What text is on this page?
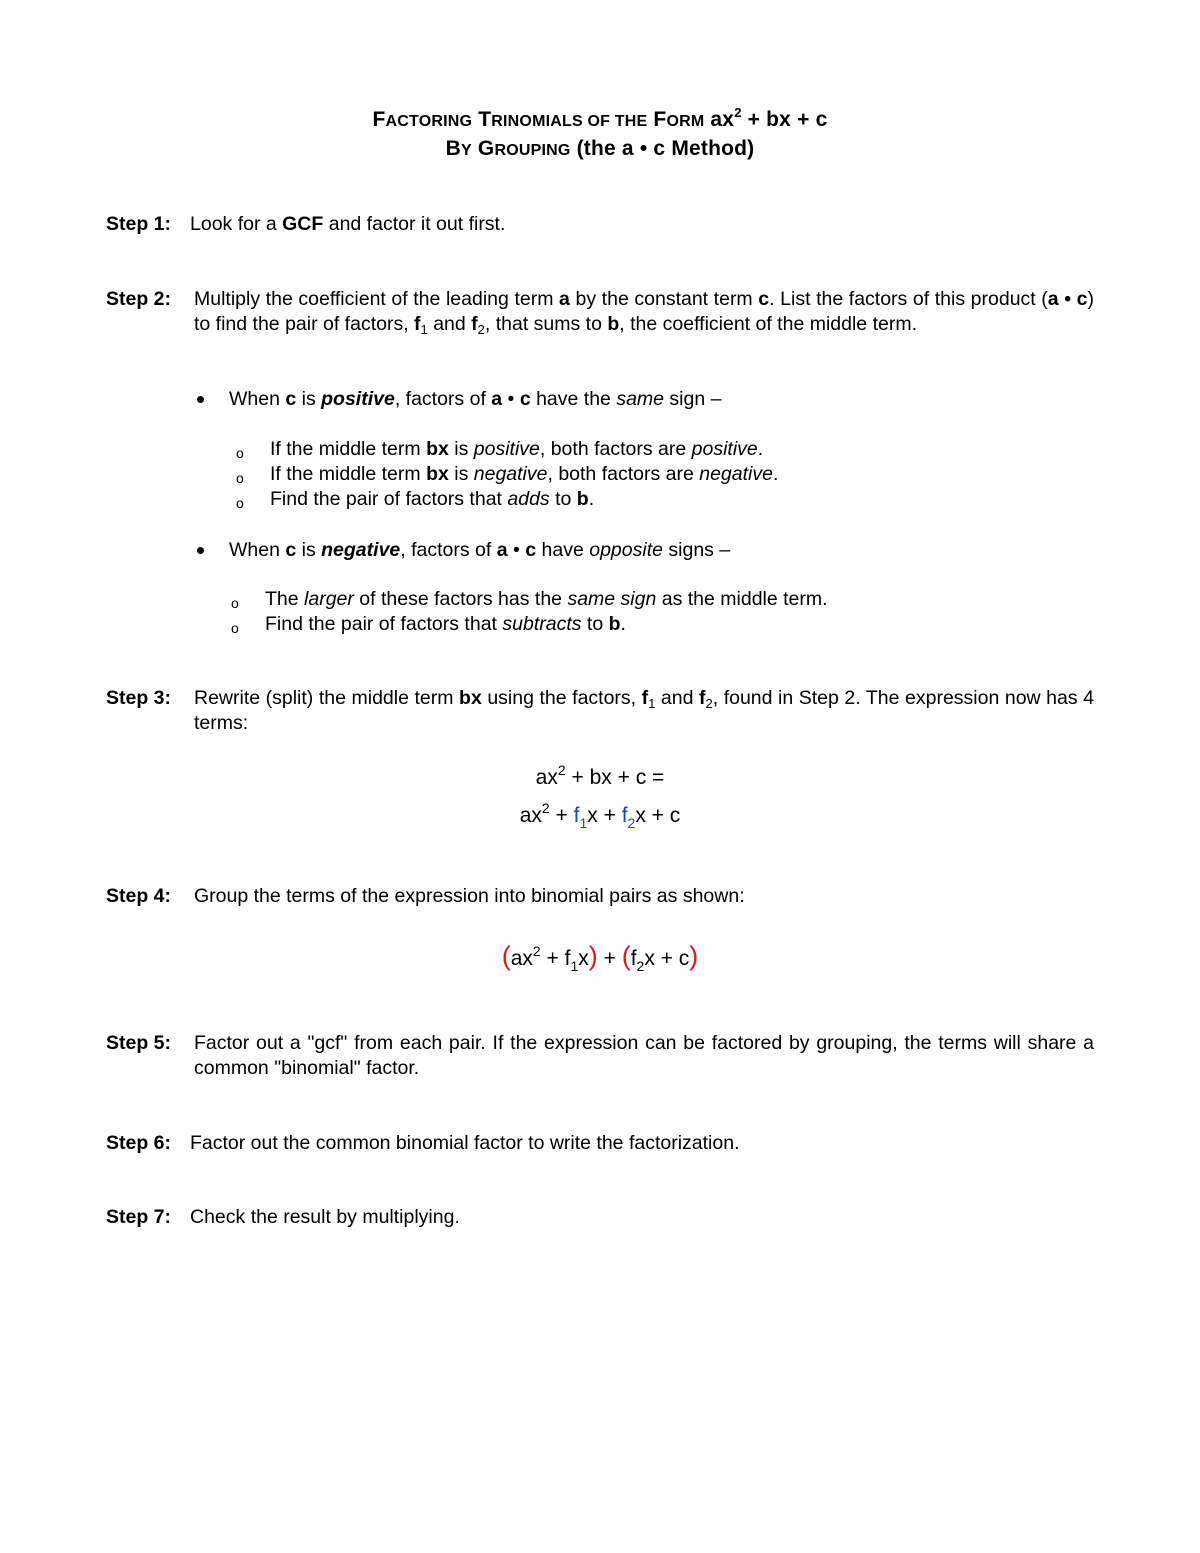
FACTORING TRINOMIALS OF THE FORM $ax^2$ + bx + c
BY GROUPING (the a • c Method)
Step 1: Look for a GCF and factor it out first.
Step 2:	Multiply the coefficient of the leading term a by the constant term c. List the factors of this product (a • c) to find the pair of factors, $f_1$ and $f_2$, that sums to b, the coefficient of the middle term.
When c is positive, factors of a • c have the same sign –
o If the middle term bx is positive, both factors are positive.
o If the middle term bx is negative, both factors are negative.
o Find the pair of factors that adds to b.
When c is negative, factors of a • c have opposite signs –
o The larger of these factors has the same sign as the middle term.
o Find the pair of factors that subtracts to b.
Step 3:	Rewrite (split) the middle term bx using the factors, $f_1$ and $f_2$, found in Step 2. The expression now has 4 terms:
$ax^2$ + bx + c =
$ax^2 + f_1x + f_2x + c$
Step 4:	Group the terms of the expression into binomial pairs as shown:
$(ax^2 + f_1x) + (f_2x + c)$
Step 5:	Factor out a "gcf" from each pair. If the expression can be factored by grouping, the terms will share a common "binomial" factor.
Step 6: Factor out the common binomial factor to write the factorization.
Step 7: Check the result by multiplying.
